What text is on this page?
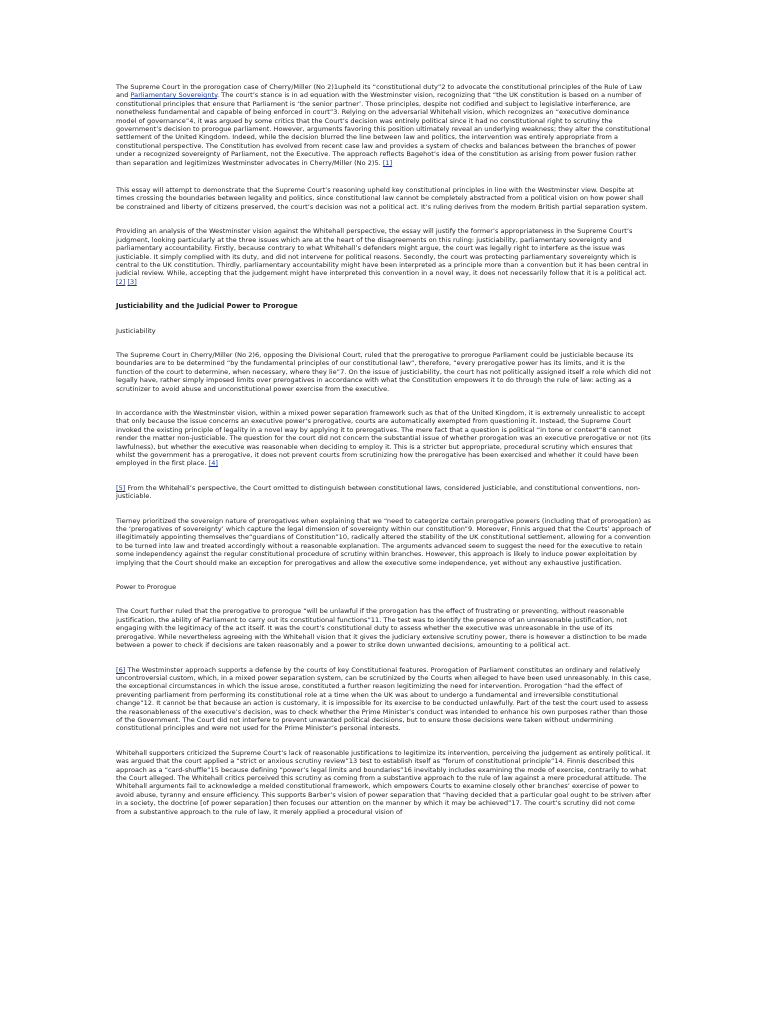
The Supreme Court in the prorogation case of Cherry/Miller (No 2)1upheld its “constitutional duty”2 to advocate the constitutional principles of the Rule of Law and Parliamentary Sovereignty. The court’s stance is in ad equation with the Westminster vision, recognizing that “the UK constitution is based on a number of constitutional principles that ensure that Parliament is ‘the senior partner’. Those principles, despite not codified and subject to legislative interference, are nonetheless fundamental and capable of being enforced in court”3. Relying on the adversarial Whitehall vision, which recognizes an “executive dominance model of governance”4, it was argued by some critics that the Court’s decision was entirely political since it had no constitutional right to scrutiny the government’s decision to prorogue parliament. However, arguments favoring this position ultimately reveal an underlying weakness; they alter the constitutional settlement of the United Kingdom. Indeed, while the decision blurred the line between law and politics, the intervention was entirely appropriate from a constitutional perspective. The Constitution has evolved from recent case law and provides a system of checks and balances between the branches of power under a recognized sovereignty of Parliament, not the Executive. The approach reflects Bagehot’s idea of the constitution as arising from power fusion rather than separation and legitimizes Westminster advocates in Cherry/Miller (No 2)5. [1]

This essay will attempt to demonstrate that the Supreme Court’s reasoning upheld key constitutional principles in line with the Westminster view. Despite at times crossing the boundaries between legality and politics, since constitutional law cannot be completely abstracted from a political vision on how power shall be constrained and liberty of citizens preserved, the court’s decision was not a political act. It’s ruling derives from the modern British partial separation system.

Providing an analysis of the Westminster vision against the Whitehall perspective, the essay will justify the former’s appropriateness in the Supreme Court’s judgment, looking particularly at the three issues which are at the heart of the disagreements on this ruling: justiciability, parliamentary sovereignty and parliamentary accountability. Firstly, because contrary to what Whitehall’s defenders might argue, the court was legally right to interfere as the issue was justiciable. It simply complied with its duty, and did not intervene for political reasons. Secondly, the court was protecting parliamentary sovereignty which is central to the UK constitution. Thirdly, parliamentary accountability might have been interpreted as a principle more than a convention but it has been central in judicial review. While, accepting that the judgement might have interpreted this convention in a novel way, it does not necessarily follow that it is a political act. [2] [3]

Justiciability and the Judicial Power to Prorogue

Justiciability

The Supreme Court in Cherry/Miller (No 2)6, opposing the Divisional Court, ruled that the prerogative to prorogue Parliament could be justiciable because its boundaries are to be determined “by the fundamental principles of our constitutional law”, therefore, “every prerogative power has its limits, and it is the function of the court to determine, when necessary, where they lie”7. On the issue of justiciability, the court has not politically assigned itself a role which did not legally have, rather simply imposed limits over prerogatives in accordance with what the Constitution empowers it to do through the rule of law: acting as a scrutinizer to avoid abuse and unconstitutional power exercise from the executive.

In accordance with the Westminster vision, within a mixed power separation framework such as that of the United Kingdom, it is extremely unrealistic to accept that only because the issue concerns an executive power’s prerogative, courts are automatically exempted from questioning it. Instead, the Supreme Court invoked the existing principle of legality in a novel way by applying it to prerogatives. The mere fact that a question is political “in tone or context”8 cannot render the matter non-justiciable. The question for the court did not concern the substantial issue of whether prorogation was an executive prerogative or not (its lawfulness), but whether the executive was reasonable when deciding to employ it. This is a stricter but appropriate, procedural scrutiny which ensures that whilst the government has a prerogative, it does not prevent courts from scrutinizing how the prerogative has been exercised and whether it could have been employed in the first place. [4]

[5] From the Whitehall’s perspective, the Court omitted to distinguish between constitutional laws, considered justiciable, and constitutional conventions, non-justiciable.

Tierney prioritized the sovereign nature of prerogatives when explaining that we “need to categorize certain prerogative powers (including that of prorogation) as the ‘prerogatives of sovereignty’ which capture the legal dimension of sovereignty within our constitution”9. Moreover, Finnis argued that the Courts’ approach of illegitimately appointing themselves the“guardians of Constitution”10, radically altered the stability of the UK constitutional settlement, allowing for a convention to be turned into law and treated accordingly without a reasonable explanation. The arguments advanced seem to suggest the need for the executive to retain some independency against the regular constitutional procedure of scrutiny within branches. However, this approach is likely to induce power exploitation by implying that the Court should make an exception for prerogatives and allow the executive some independence, yet without any exhaustive justification.

Power to Prorogue

The Court further ruled that the prerogative to prorogue “will be unlawful if the prorogation has the effect of frustrating or preventing, without reasonable justification, the ability of Parliament to carry out its constitutional functions”11. The test was to identify the presence of an unreasonable justification, not engaging with the legitimacy of the act itself. It was the court’s constitutional duty to assess whether the executive was unreasonable in the use of its prerogative. While nevertheless agreeing with the Whitehall vision that it gives the judiciary extensive scrutiny power, there is however a distinction to be made between a power to check if decisions are taken reasonably and a power to strike down unwanted decisions, amounting to a political act.

[6] The Westminster approach supports a defense by the courts of key Constitutional features. Prorogation of Parliament constitutes an ordinary and relatively uncontroversial custom, which, in a mixed power separation system, can be scrutinized by the Courts when alleged to have been used unreasonably. In this case, the exceptional circumstances in which the issue arose, constituted a further reason legitimizing the need for intervention. Prorogation “had the effect of preventing parliament from performing its constitutional role at a time when the UK was about to undergo a fundamental and irreversible constitutional change”12. It cannot be that because an action is customary, it is impossible for its exercise to be conducted unlawfully. Part of the test the court used to assess the reasonableness of the executive’s decision, was to check whether the Prime Minister’s conduct was intended to enhance his own purposes rather than those of the Government. The Court did not interfere to prevent unwanted political decisions, but to ensure those decisions were taken without undermining constitutional principles and were not used for the Prime Minister’s personal interests.

Whitehall supporters criticized the Supreme Court’s lack of reasonable justifications to legitimize its intervention, perceiving the judgement as entirely political. It was argued that the court applied a “strict or anxious scrutiny review”13 test to establish itself as “forum of constitutional principle”14. Finnis described this approach as a “card-shuffle”15 because defining “power’s legal limits and boundaries”16 inevitably includes examining the mode of exercise, contrarily to what the Court alleged. The Whitehall critics perceived this scrutiny as coming from a substantive approach to the rule of law against a mere procedural attitude. The Whitehall arguments fail to acknowledge a melded constitutional framework, which empowers Courts to examine closely other branches’ exercise of power to avoid abuse, tyranny and ensure efficiency. This supports Barber’s vision of power separation that “having decided that a particular goal ought to be striven after in a society, the doctrine [of power separation] then focuses our attention on the manner by which it may be achieved”17. The court’s scrutiny did not come from a substantive approach to the rule of law, it merely applied a procedural vision of
